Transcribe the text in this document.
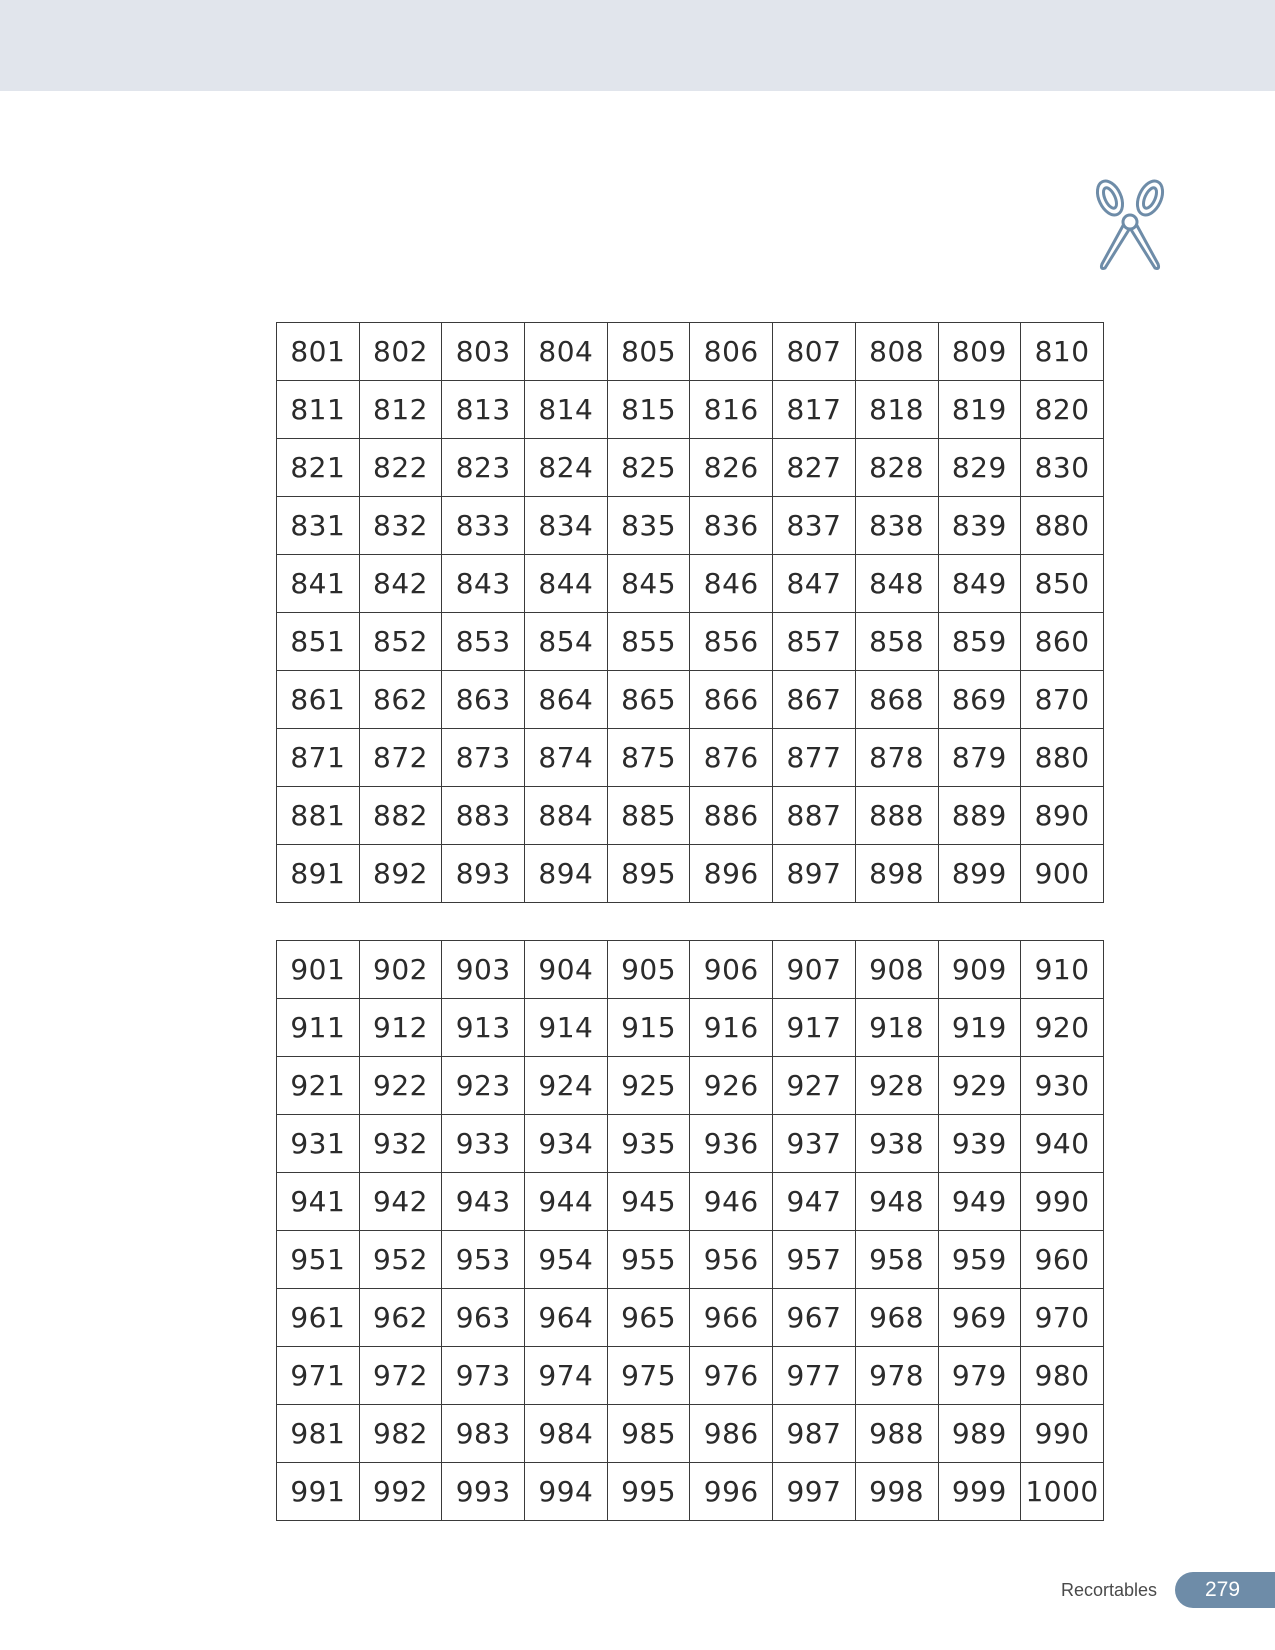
801	802	803	804	805	806	807	808	809	810
811	812	813	814	815	816	817	818	819	820
821	822	823	824	825	826	827	828	829	830
831	832	833	834	835	836	837	838	839	880
841	842	843	844	845	846	847	848	849	850
851	852	853	854	855	856	857	858	859	860
861	862	863	864	865	866	867	868	869	870
871	872	873	874	875	876	877	878	879	880
881	882	883	884	885	886	887	888	889	890
891	892	893	894	895	896	897	898	899	900
901	902	903	904	905	906	907	908	909	910
911	912	913	914	915	916	917	918	919	920
921	922	923	924	925	926	927	928	929	930
931	932	933	934	935	936	937	938	939	940
941	942	943	944	945	946	947	948	949	990
951	952	953	954	955	956	957	958	959	960
961	962	963	964	965	966	967	968	969	970
971	972	973	974	975	976	977	978	979	980
981	982	983	984	985	986	987	988	989	990
991	992	993	994	995	996	997	998	999	1000
Recortables	279
